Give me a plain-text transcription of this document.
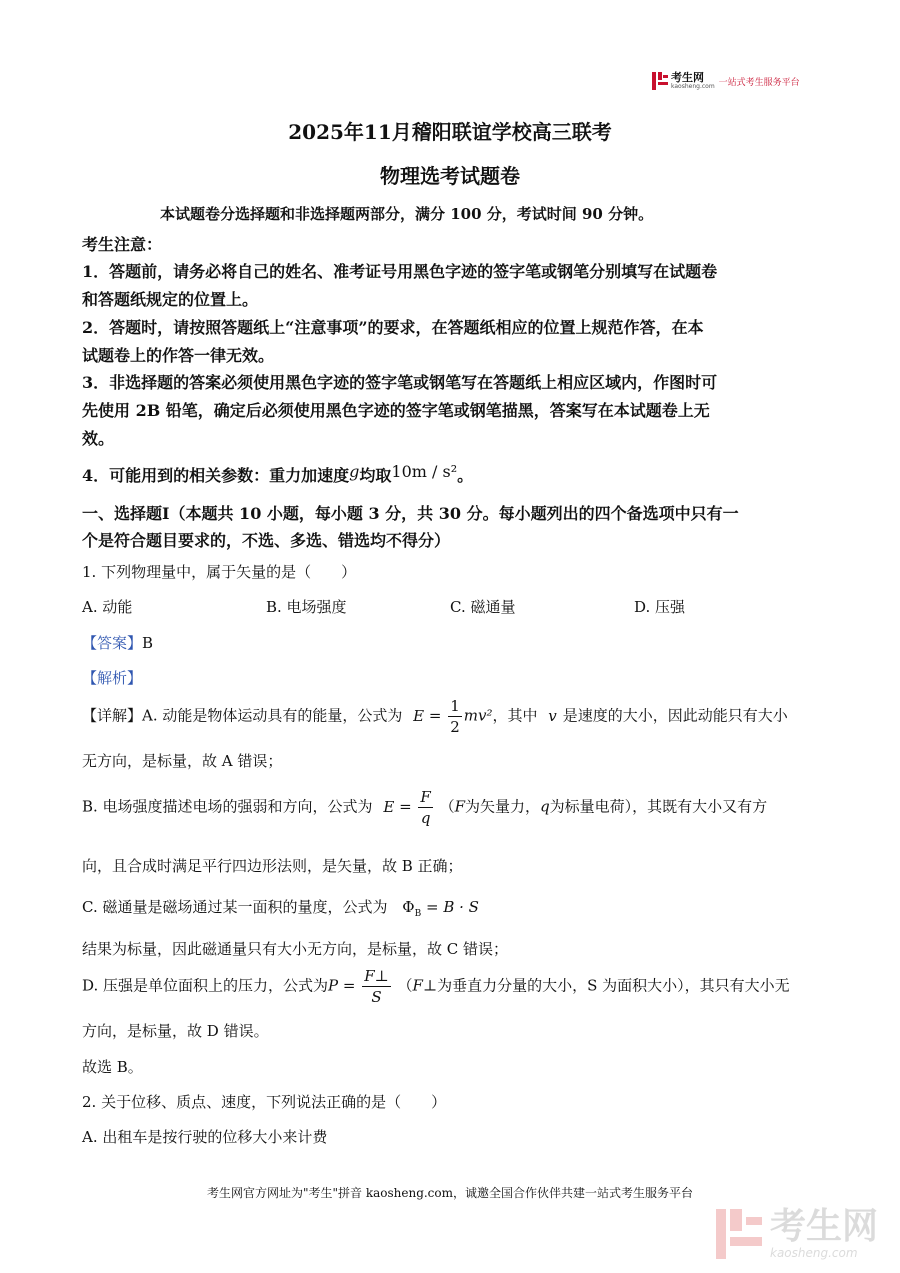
考生网
kaosheng.com 一站式考生服务平台
2025年11月稽阳联谊学校高三联考
物理选考试题卷
本试题卷分选择题和非选择题两部分，满分 100 分，考试时间 90 分钟。
考生注意：
1．答题前，请务必将自己的姓名、准考证号用黑色字迹的签字笔或钢笔分别填写在试题卷
和答题纸规定的位置上。
2．答题时，请按照答题纸上“注意事项”的要求，在答题纸相应的位置上规范作答，在本
试题卷上的作答一律无效。
3．非选择题的答案必须使用黑色字迹的签字笔或钢笔写在答题纸上相应区域内，作图时可
先使用 2B 铅笔，确定后必须使用黑色字迹的签字笔或钢笔描黑，答案写在本试题卷上无
效。
4．可能用到的相关参数：重力加速度g均取10m / s²。
一、选择题Ⅰ（本题共 10 小题，每小题 3 分，共 30 分。每小题列出的四个备选项中只有一
个是符合题目要求的，不选、多选、错选均不得分）
1. 下列物理量中，属于矢量的是（　　）
A. 动能	B. 电场强度	C. 磁通量	D. 压强
【答案】B
【解析】
【详解】A. 动能是物体运动具有的能量，公式为 $E = \frac{1}{2} mv^2$，其中 v 是速度的大小，因此动能只有大小
无方向，是标量，故 A 错误；
B. 电场强度描述电场的强弱和方向，公式为 $E = \frac{F}{q} (F$为矢量力，q为标量电荷），其既有大小又有方
向，且合成时满足平行四边形法则，是矢量，故 B 正确；
C. 磁通量是磁场通过某一面积的量度，公式为 $\Phi_B = B \cdot S$
结果为标量，因此磁通量只有大小无方向，是标量，故 C 错误；
D. 压强是单位面积上的压力，公式为$P = \frac{F\perp}{S}$ （F⊥为垂直力分量的大小，S 为面积大小），其只有大小无
方向，是标量，故 D 错误。
故选 B。
2. 关于位移、质点、速度，下列说法正确的是（　　）
A. 出租车是按行驶的位移大小来计费
考生网官方网址为"考生"拼音 kaosheng.com，诚邀全国合作伙伴共建一站式考生服务平台
考生网
kaosheng.com
